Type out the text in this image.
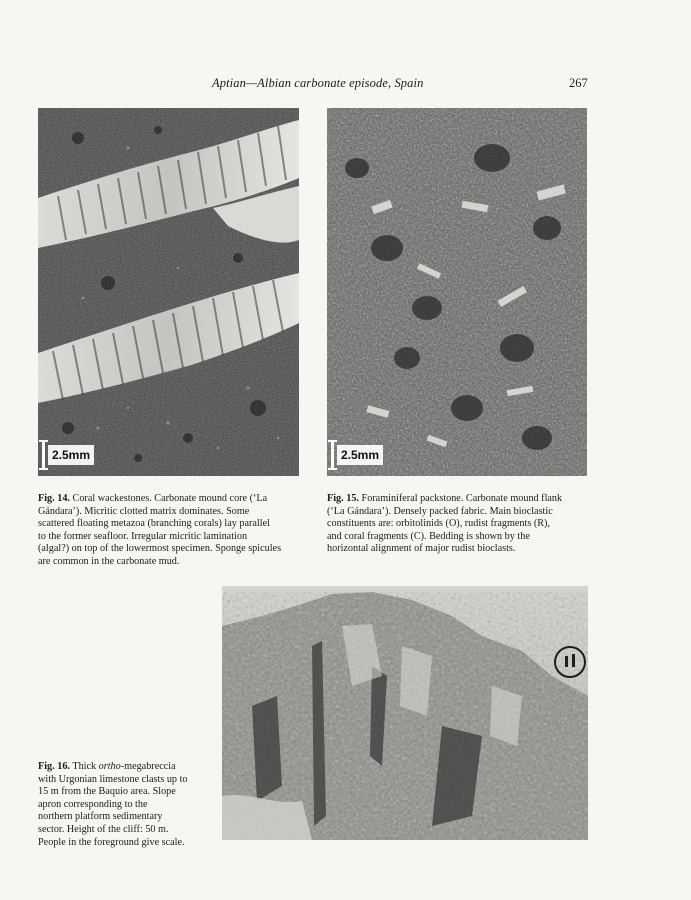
Aptian—Albian carbonate episode, Spain	267
2.5mm	2.5mm
Fig. 14. Coral wackestones. Carbonate mound core (‘La
Gándara’). Micritic clotted matrix dominates. Some
scattered floating metazoa (branching corals) lay parallel
to the former seafloor. Irregular micritic lamination
(algal?) on top of the lowermost specimen. Sponge spicules
are common in the carbonate mud.
Fig. 15. Foraminiferal packstone. Carbonate mound flank
(‘La Gándara’). Densely packed fabric. Main bioclastic
constituents are: orbitolinids (O), rudist fragments (R),
and coral fragments (C). Bedding is shown by the
horizontal alignment of major rudist bioclasts.
Fig. 16. Thick ortho-megabreccia
with Urgonian limestone clasts up to
15 m from the Baquio area. Slope
apron corresponding to the
northern platform sedimentary
sector. Height of the cliff: 50 m.
People in the foreground give scale.
